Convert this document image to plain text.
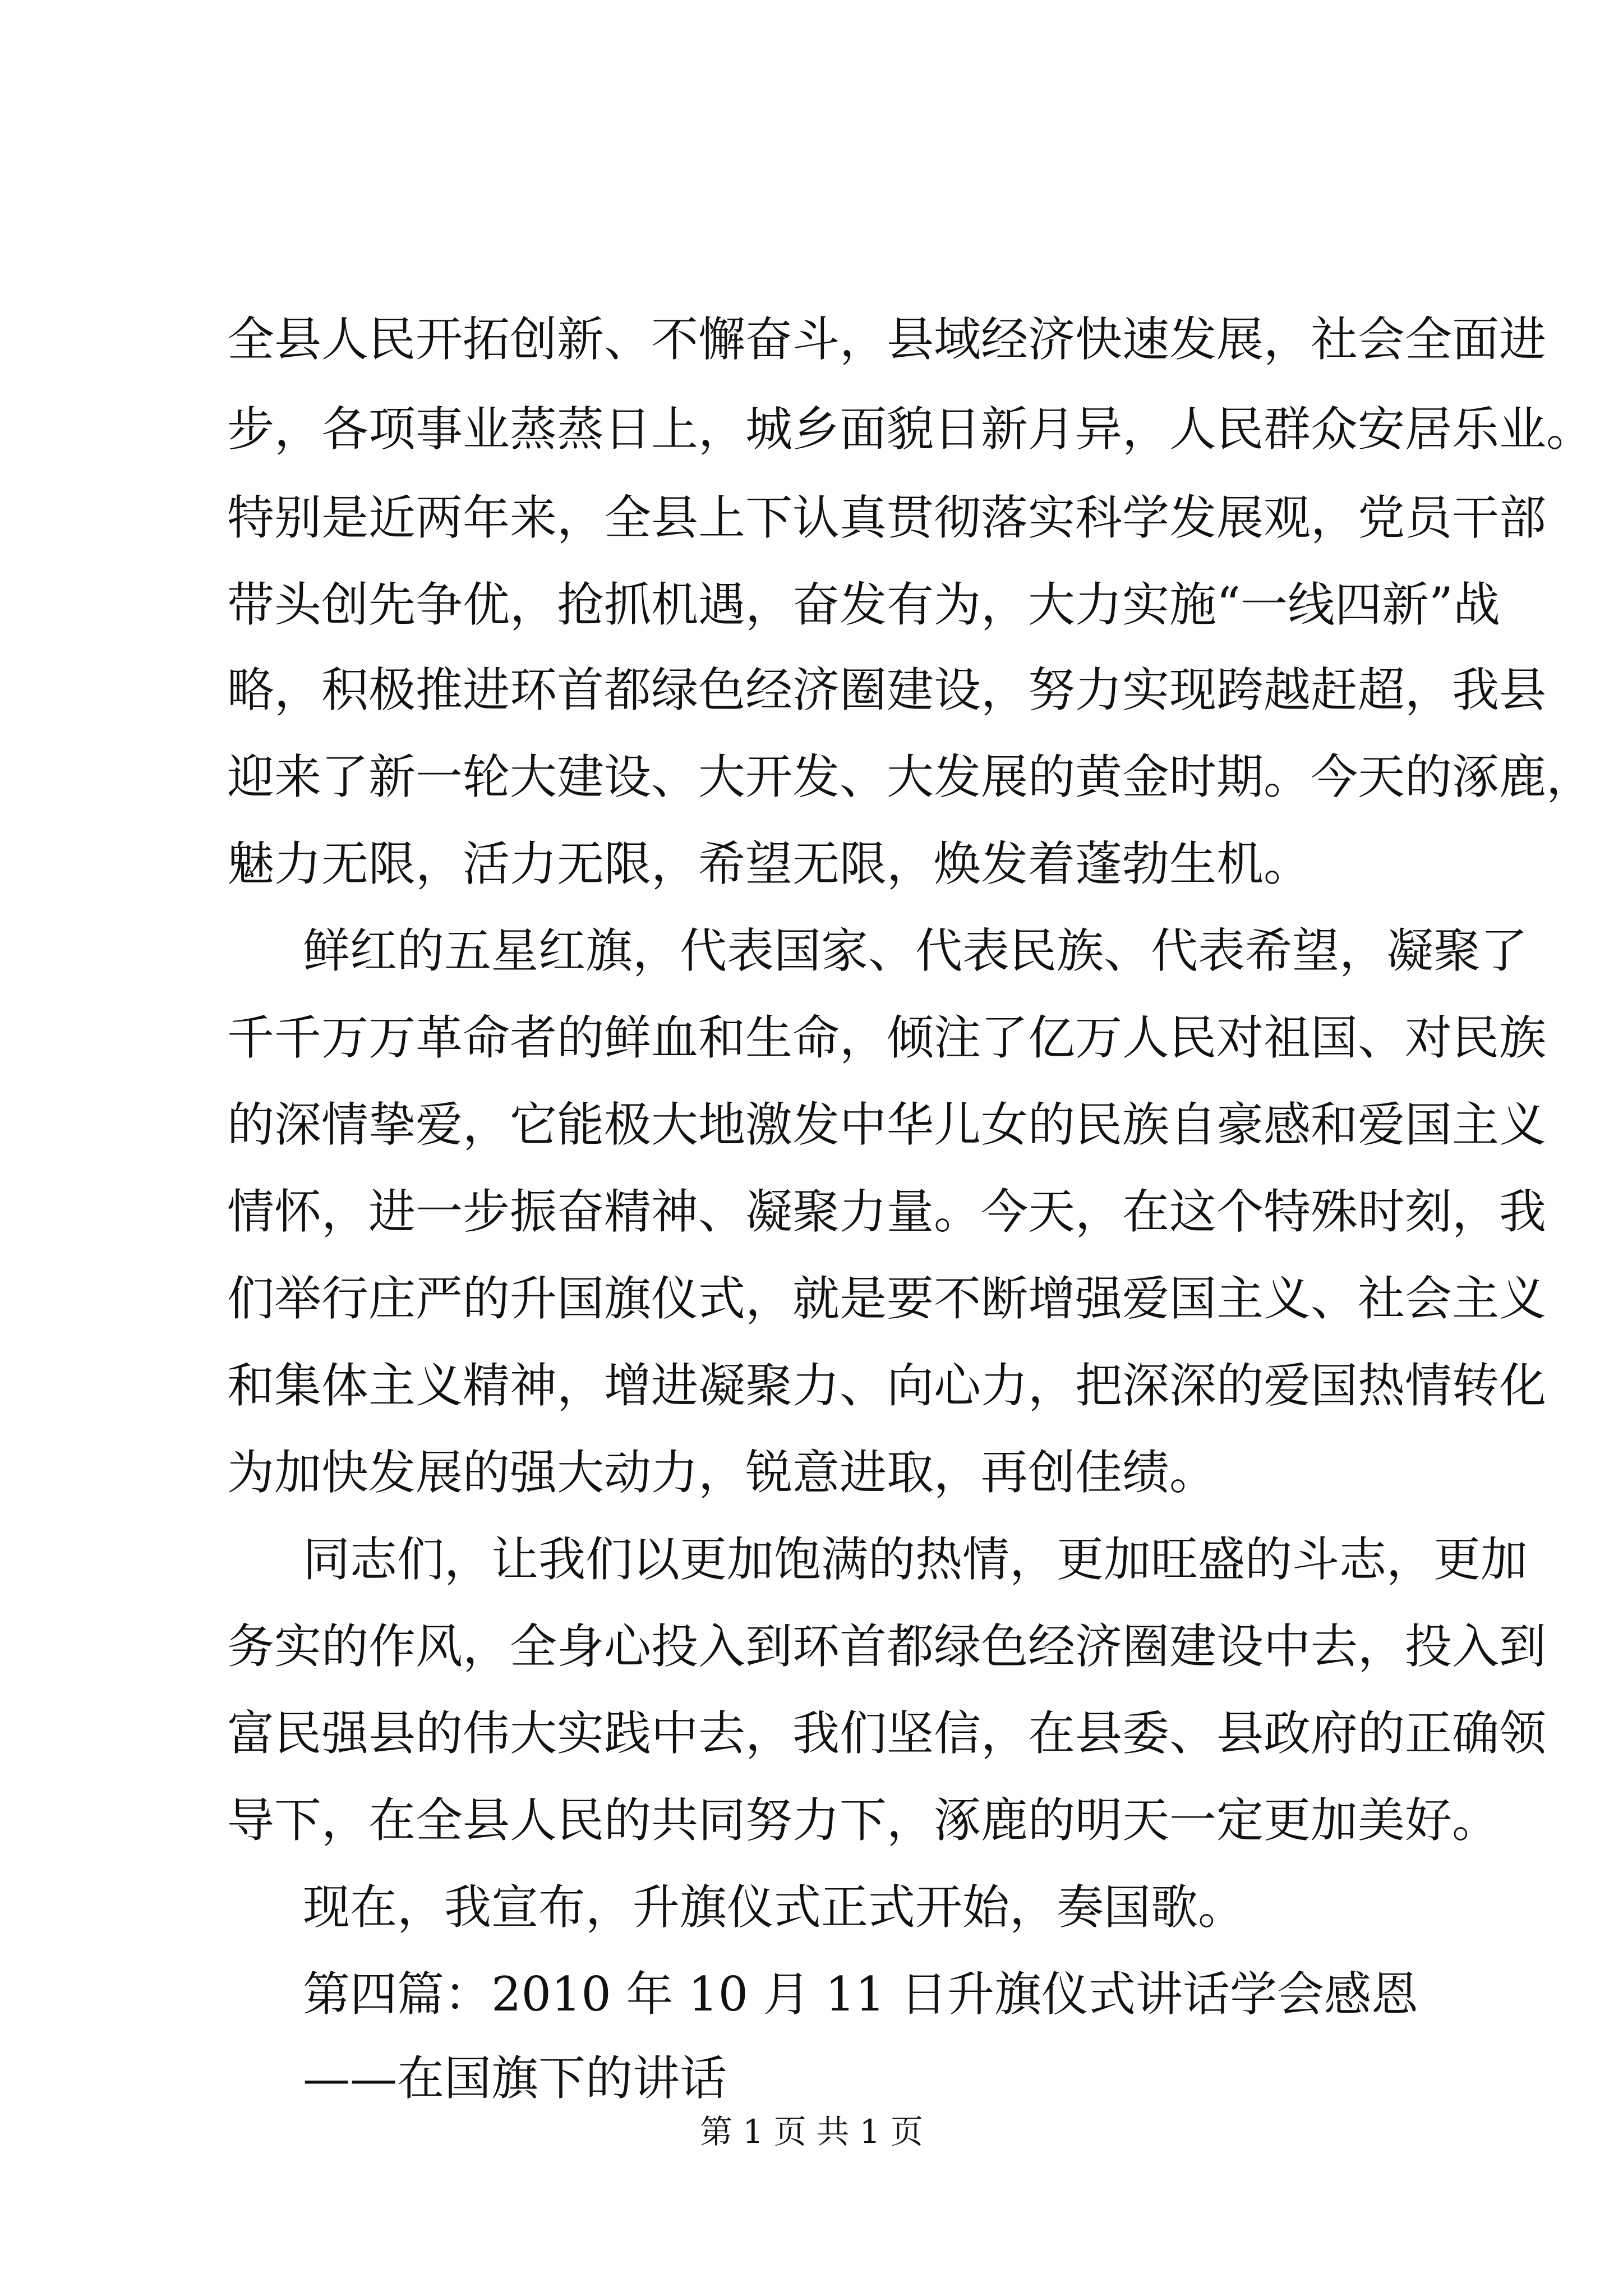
全县人民开拓创新、不懈奋斗，县域经济快速发展，社会全面进
步，各项事业蒸蒸日上，城乡面貌日新月异，人民群众安居乐业。
特别是近两年来，全县上下认真贯彻落实科学发展观，党员干部
带头创先争优，抢抓机遇，奋发有为，大力实施“一线四新”战
略，积极推进环首都绿色经济圈建设，努力实现跨越赶超，我县
迎来了新一轮大建设、大开发、大发展的黄金时期。今天的涿鹿，
魅力无限，活力无限，希望无限，焕发着蓬勃生机。
鲜红的五星红旗，代表国家、代表民族、代表希望，凝聚了
千千万万革命者的鲜血和生命，倾注了亿万人民对祖国、对民族
的深情挚爱，它能极大地激发中华儿女的民族自豪感和爱国主义
情怀，进一步振奋精神、凝聚力量。今天，在这个特殊时刻，我
们举行庄严的升国旗仪式，就是要不断增强爱国主义、社会主义
和集体主义精神，增进凝聚力、向心力，把深深的爱国热情转化
为加快发展的强大动力，锐意进取，再创佳绩。
同志们，让我们以更加饱满的热情，更加旺盛的斗志，更加
务实的作风，全身心投入到环首都绿色经济圈建设中去，投入到
富民强县的伟大实践中去，我们坚信，在县委、县政府的正确领
导下，在全县人民的共同努力下，涿鹿的明天一定更加美好。
现在，我宣布，升旗仪式正式开始，奏国歌。
第四篇：2010 年 10 月 11 日升旗仪式讲话学会感恩
——在国旗下的讲话
第 1 页 共 1 页
